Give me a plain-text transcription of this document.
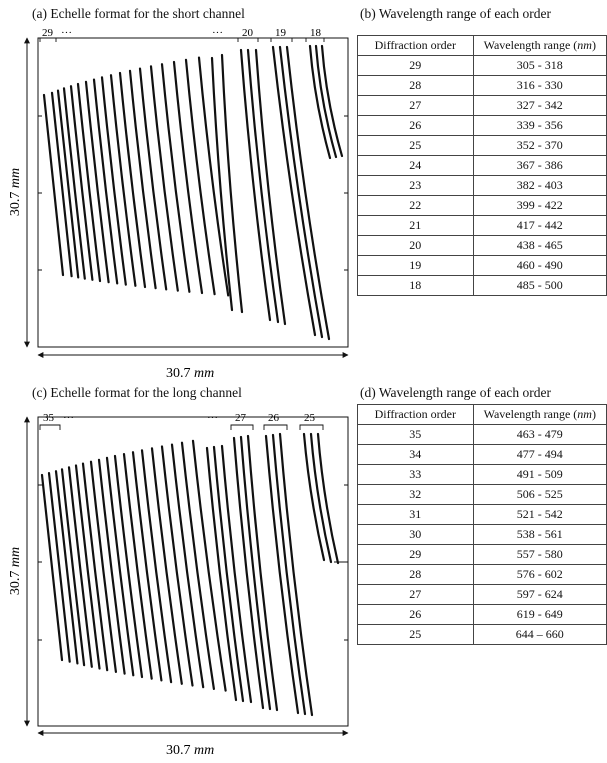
(a) Echelle format for the short channel	(b) Wavelength range of each order
(c) Echelle format for the long channel	(d) Wavelength range of each order
29 ···	··· 20 19 18
30.7 mm
30.7 mm
35 ···	··· 27 26 25
30.7 mm
30.7 mm
Diffraction order	Wavelength range (nm)
29	305 - 318
28	316 - 330
27	327 - 342
26	339 - 356
25	352 - 370
24	367 - 386
23	382 - 403
22	399 - 422
21	417 - 442
20	438 - 465
19	460 - 490
18	485 - 500
Diffraction order	Wavelength range (nm)
35	463 - 479
34	477 - 494
33	491 - 509
32	506 - 525
31	521 - 542
30	538 - 561
29	557 - 580
28	576 - 602
27	597 - 624
26	619 - 649
25	644 – 660
